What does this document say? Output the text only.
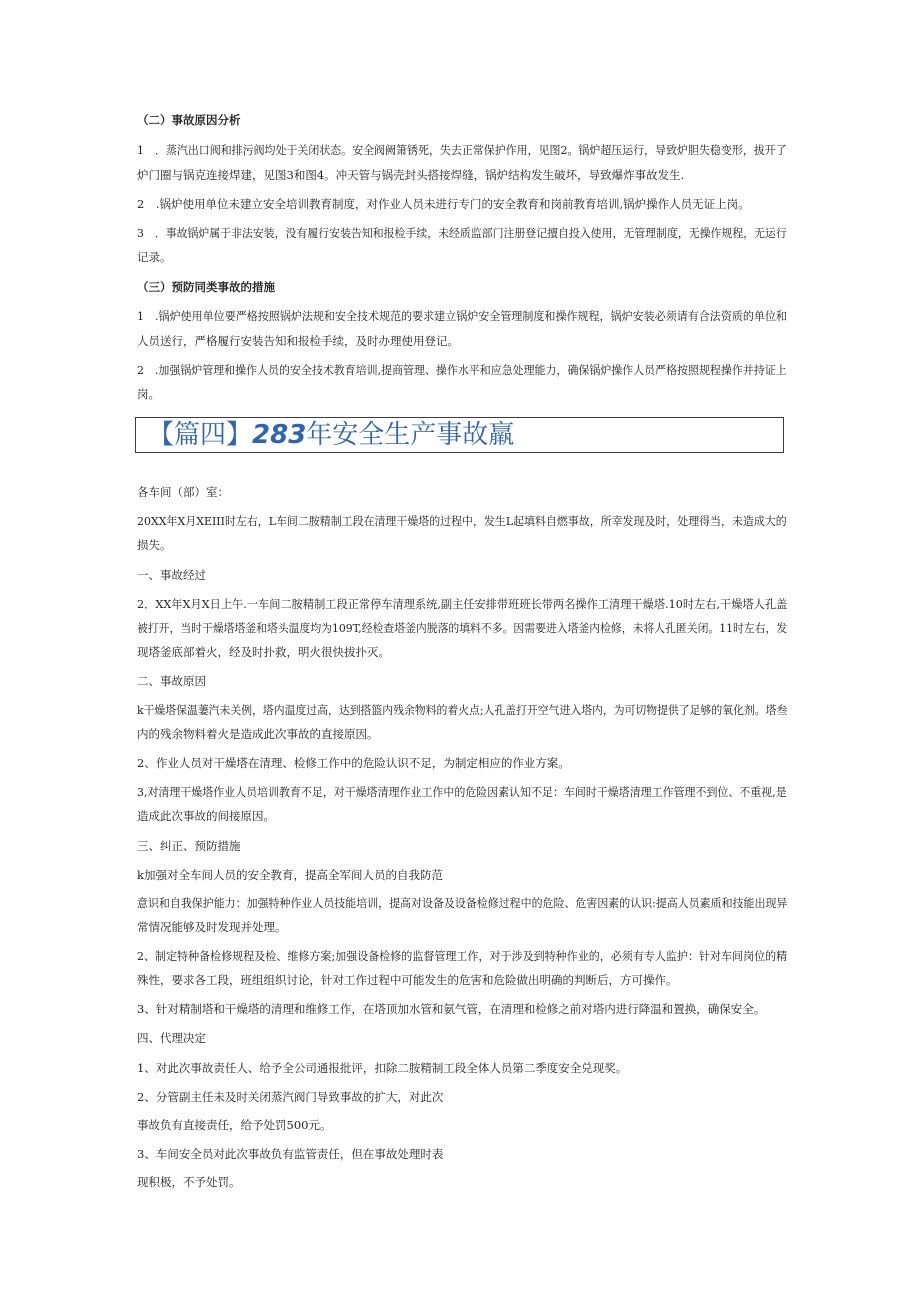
（二）事故原因分析
1　．蒸汽出口阀和排污阀均处于关闭状态。安全阀阙箫锈死，失去正常保护作用，见图2。锅炉超压运行，导致炉胆失稳变形，拔开了
炉门圈与锅克连接焊建，见图3和图4。冲天管与锅壳封头搭接焊缝，锅炉结构发生破坏，导致爆炸事故发生.
2　.锅炉使用单位未建立安全培训教育制度，对作业人员未进行专门的安全教育和岗前教育培训,锅炉操作人员无证上岗。
3　．事故锅炉属于非法安装，没有履行安装告知和报检手续，未经质监部门注册登记擅自投入使用，无管理制度，无操作规程，无运行
记录。
（三）预防同类事故的措施
1　.锅炉使用单位要严格按照锅炉法规和安全技术规范的要求建立锅炉安全管理制度和操作规程，锅炉安装必须请有合法资质的单位和
人员送行，严格履行安装告知和报检手续，及时办理使用登记。
2　.加强锅炉管理和操作人员的安全技术教育培训,提商管理、操作水平和应急处理能力，确保锅炉操作人员严格按照规程操作并持证上
岗。
【篇四】283年安全生产事故羸
各车间（部）室：
20XX年X月XEIII时左右，L车间二胺精制工段在清理干燥塔的过程中，发生L起填料自燃事故，所幸发现及时，处理得当，未造成大的
损失。
一、事故经过
2．XX年X月X日上午.一车间二胺精制工段正常停车清理系统,副主任安排带班班长带两名操作工清理干燥塔.10时左右,干燥塔人孔盖
被打开，当时干燥塔塔釜和塔头温度均为109T,经检查塔釜内脱落的填料不多。因需要进入塔釜内检修，未将人孔匿关闭。11时左右，发
现塔釜底部着火，经及时扑救，明火很快拔扑灭。
二、事故原因
k干燥塔保温萋汽未关例，塔内温度过高，达到搭篮内残余物料的着火点;人孔盖打开空气进入塔内，为可切物提供了足够的氧化剂。塔叁
内的残余物料着火是造成此次事故的直接原因。
2、作业人员对干燥塔在清理、检修工作中的危险认识不足，为制定相应的作业方案。
3,对清理干燥塔作业人员培训教育不足，对干燥塔清理作业工作中的危险因素认知不足：车间时干燥塔清理工作管理不到位、不重视,是
造成此次事故的间接原因。
三、纠正、预防措施
k加强对全车间人员的安全教育，提高全军间人员的自我防范
意识和自我保护能力：加强特种作业人员技能培训，提高对设备及设备检修过程中的危险、危害因素的认识:提高人员素质和技能出现异
常情况能够及时发现并处理。
2、制定特种备检修规程及检、维修方案;加强设备检修的监督管理工作，对于涉及到特种作业的，必须有专人监护：针对车间岗位的精
殊性，要求各工段，班组组织讨论，针对工作过程中可能发生的危害和危险做出明确的判断后，方可操作。
3、针对精制塔和干燥塔的清理和维修工作，在塔顶加水管和氨气管，在清理和检修之前对塔内进行降温和置换，确保安全。
四、代理决定
1、对此次事故责任人、给予全公司通报批评，扣除二胺精制工段全体人员第二季度安全兑现奖。
2、分管副主任未及时关闭蒸汽阀门导致事故的扩大，对此次
事故负有直接责任，给予处罚500元。
3、车间安全员对此次事故负有监管责任，但在事故处理时表
现积极，不予处罚。
